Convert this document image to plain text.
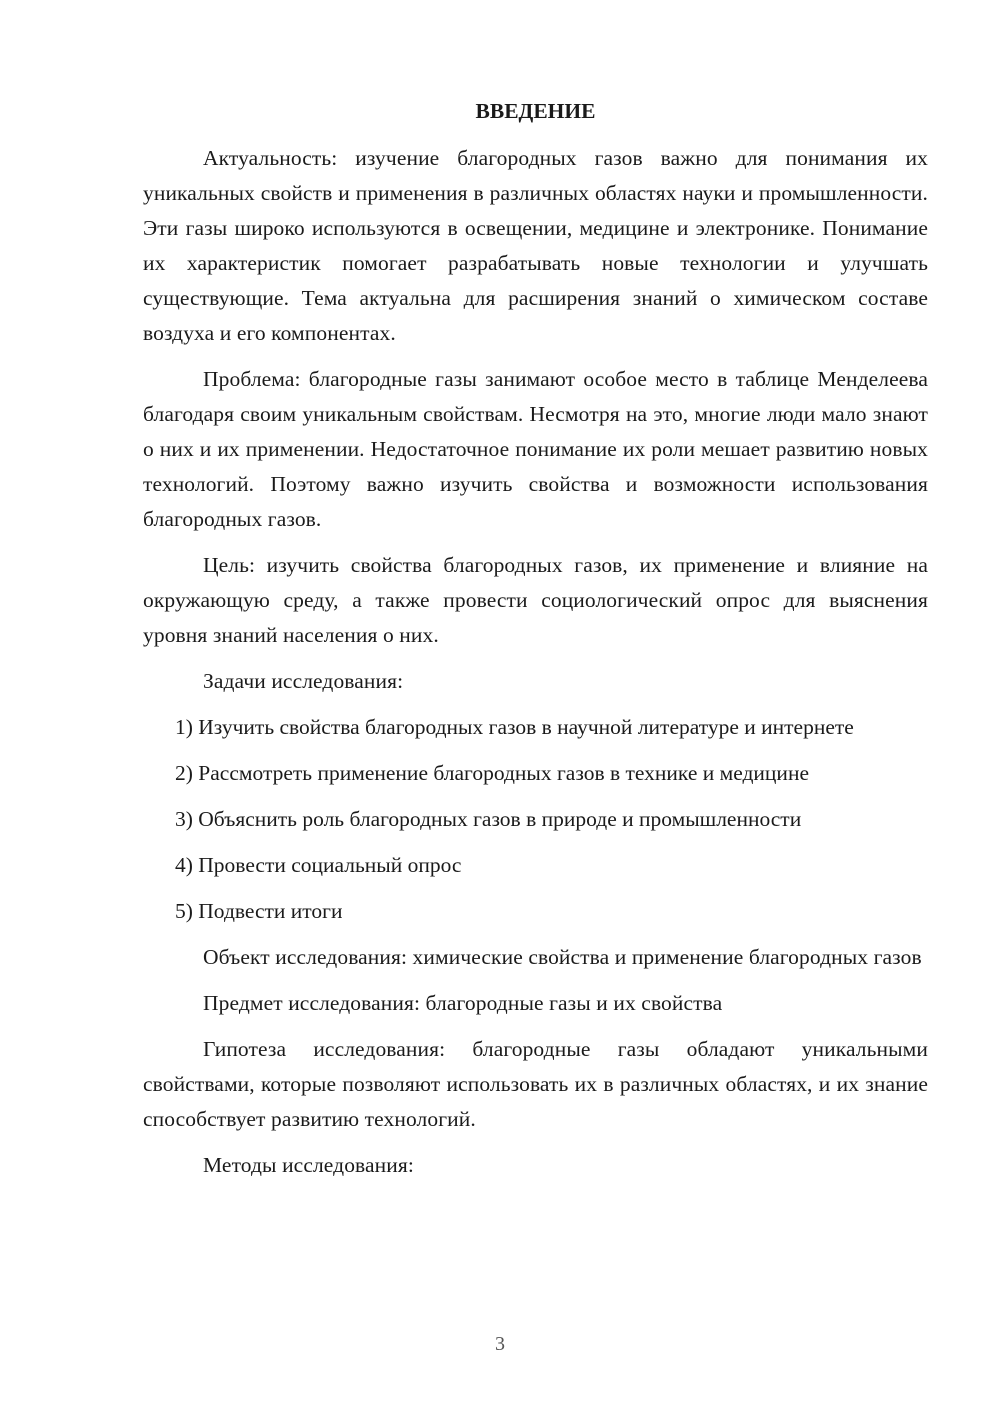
ВВЕДЕНИЕ

Актуальность: изучение благородных газов важно для понимания их уникальных свойств и применения в различных областях науки и промышленности. Эти газы широко используются в освещении, медицине и электронике. Понимание их характеристик помогает разрабатывать новые технологии и улучшать существующие. Тема актуальна для расширения знаний о химическом составе воздуха и его компонентах.

Проблема: благородные газы занимают особое место в таблице Менделеева благодаря своим уникальным свойствам. Несмотря на это, многие люди мало знают о них и их применении. Недостаточное понимание их роли мешает развитию новых технологий. Поэтому важно изучить свойства и возможности использования благородных газов.

Цель: изучить свойства благородных газов, их применение и влияние на окружающую среду, а также провести социологический опрос для выяснения уровня знаний населения о них.

Задачи исследования:

1) Изучить свойства благородных газов в научной литературе и интернете

2) Рассмотреть применение благородных газов в технике и медицине

3) Объяснить роль благородных газов в природе и промышленности

4) Провести социальный опрос

5) Подвести итоги

Объект исследования: химические свойства и применение благородных газов

Предмет исследования: благородные газы и их свойства

Гипотеза исследования: благородные газы обладают уникальными свойствами, которые позволяют использовать их в различных областях, и их знание способствует развитию технологий.

Методы исследования:

3
